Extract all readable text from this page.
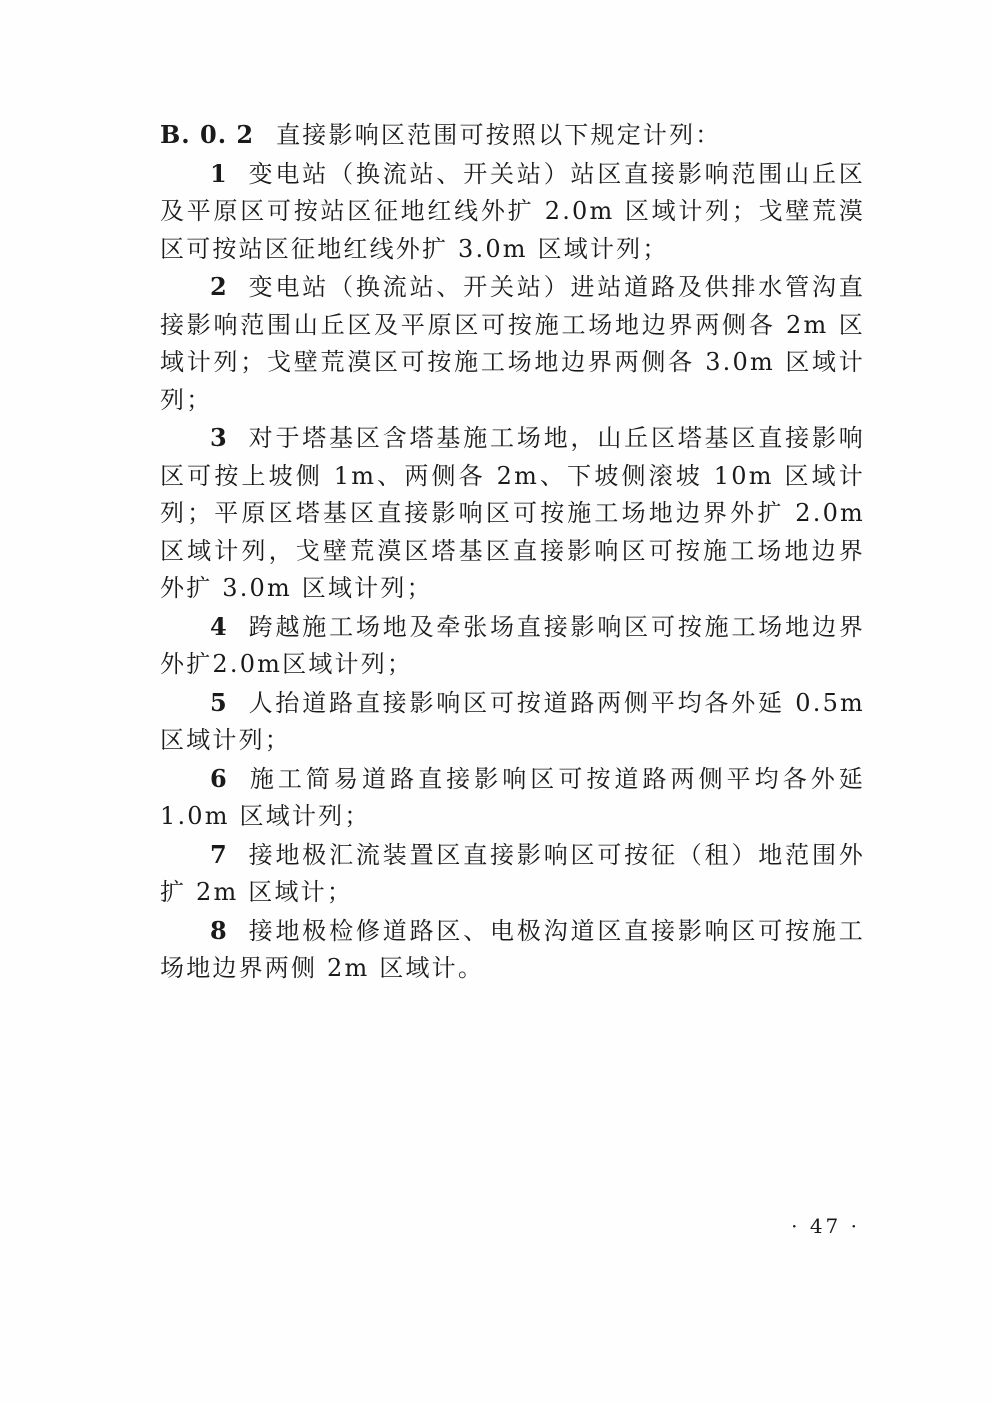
B. 0. 2 直接影响区范围可按照以下规定计列：

1 变电站（换流站、开关站）站区直接影响范围山丘区及平原区可按站区征地红线外扩 2.0m 区域计列；戈壁荒漠区可按站区征地红线外扩 3.0m 区域计列；

2 变电站（换流站、开关站）进站道路及供排水管沟直接影响范围山丘区及平原区可按施工场地边界两侧各 2m 区域计列；戈壁荒漠区可按施工场地边界两侧各 3.0m 区域计列；

3 对于塔基区含塔基施工场地，山丘区塔基区直接影响区可按上坡侧 1m、两侧各 2m、下坡侧滚坡 10m 区域计列；平原区塔基区直接影响区可按施工场地边界外扩 2.0m 区域计列，戈壁荒漠区塔基区直接影响区可按施工场地边界外扩 3.0m 区域计列；

4 跨越施工场地及牵张场直接影响区可按施工场地边界外扩2.0m区域计列；

5 人抬道路直接影响区可按道路两侧平均各外延 0.5m 区域计列；

6 施工简易道路直接影响区可按道路两侧平均各外延 1.0m 区域计列；

7 接地极汇流装置区直接影响区可按征（租）地范围外扩 2m 区域计；

8 接地极检修道路区、电极沟道区直接影响区可按施工场地边界两侧 2m 区域计。

· 47 ·
